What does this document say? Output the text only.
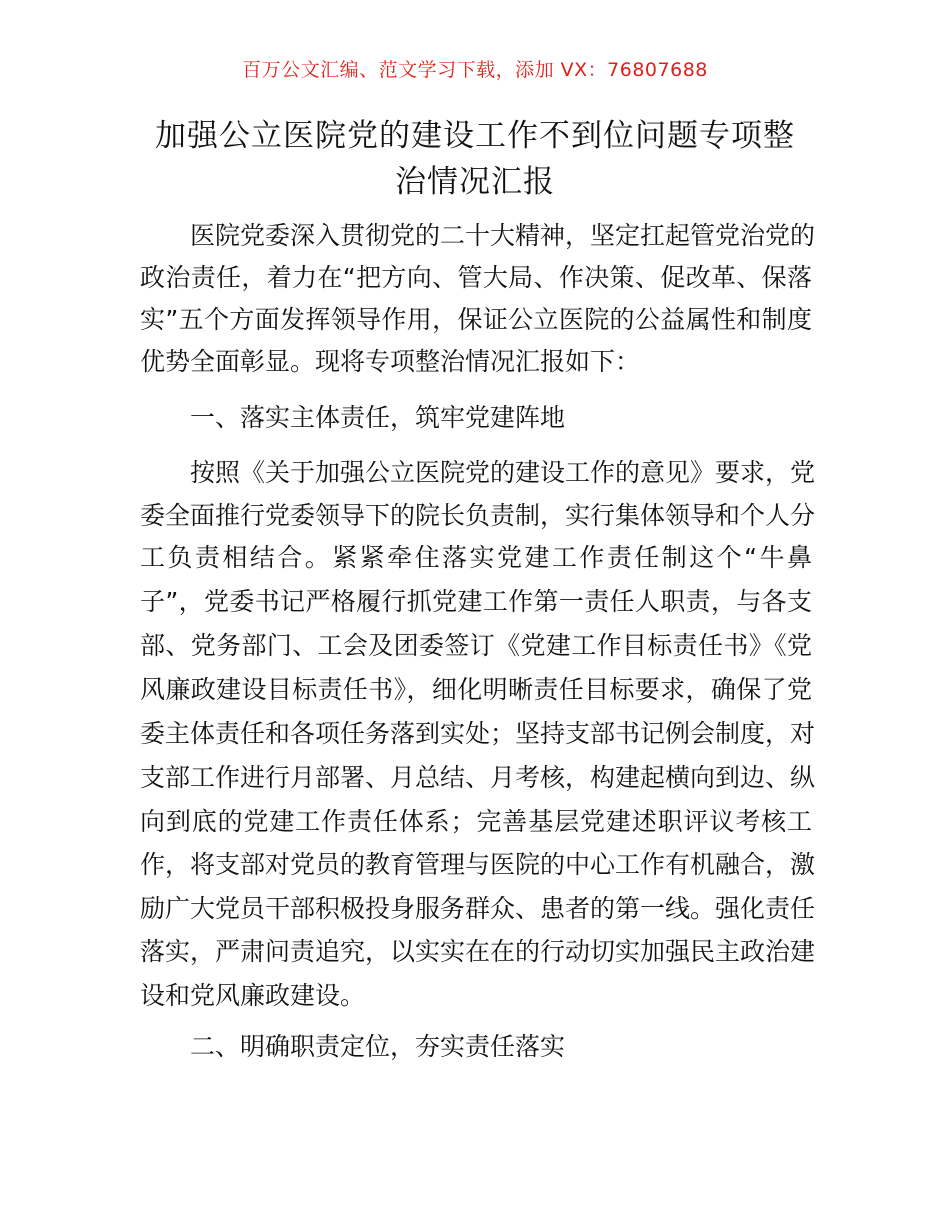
百万公文汇编、范文学习下载，添加 VX：76807688
加强公立医院党的建设工作不到位问题专项整
治情况汇报
医院党委深入贯彻党的二十大精神，坚定扛起管党治党的
政治责任，着力在“把方向、管大局、作决策、促改革、保落
实”五个方面发挥领导作用，保证公立医院的公益属性和制度
优势全面彰显。现将专项整治情况汇报如下：
一、落实主体责任，筑牢党建阵地
按照《关于加强公立医院党的建设工作的意见》要求，党
委全面推行党委领导下的院长负责制，实行集体领导和个人分
工负责相结合。紧紧牵住落实党建工作责任制这个“牛鼻
子”，党委书记严格履行抓党建工作第一责任人职责，与各支
部、党务部门、工会及团委签订《党建工作目标责任书》《党
风廉政建设目标责任书》，细化明晰责任目标要求，确保了党
委主体责任和各项任务落到实处；坚持支部书记例会制度，对
支部工作进行月部署、月总结、月考核，构建起横向到边、纵
向到底的党建工作责任体系；完善基层党建述职评议考核工
作，将支部对党员的教育管理与医院的中心工作有机融合，激
励广大党员干部积极投身服务群众、患者的第一线。强化责任
落实，严肃问责追究，以实实在在的行动切实加强民主政治建
设和党风廉政建设。
二、明确职责定位，夯实责任落实
